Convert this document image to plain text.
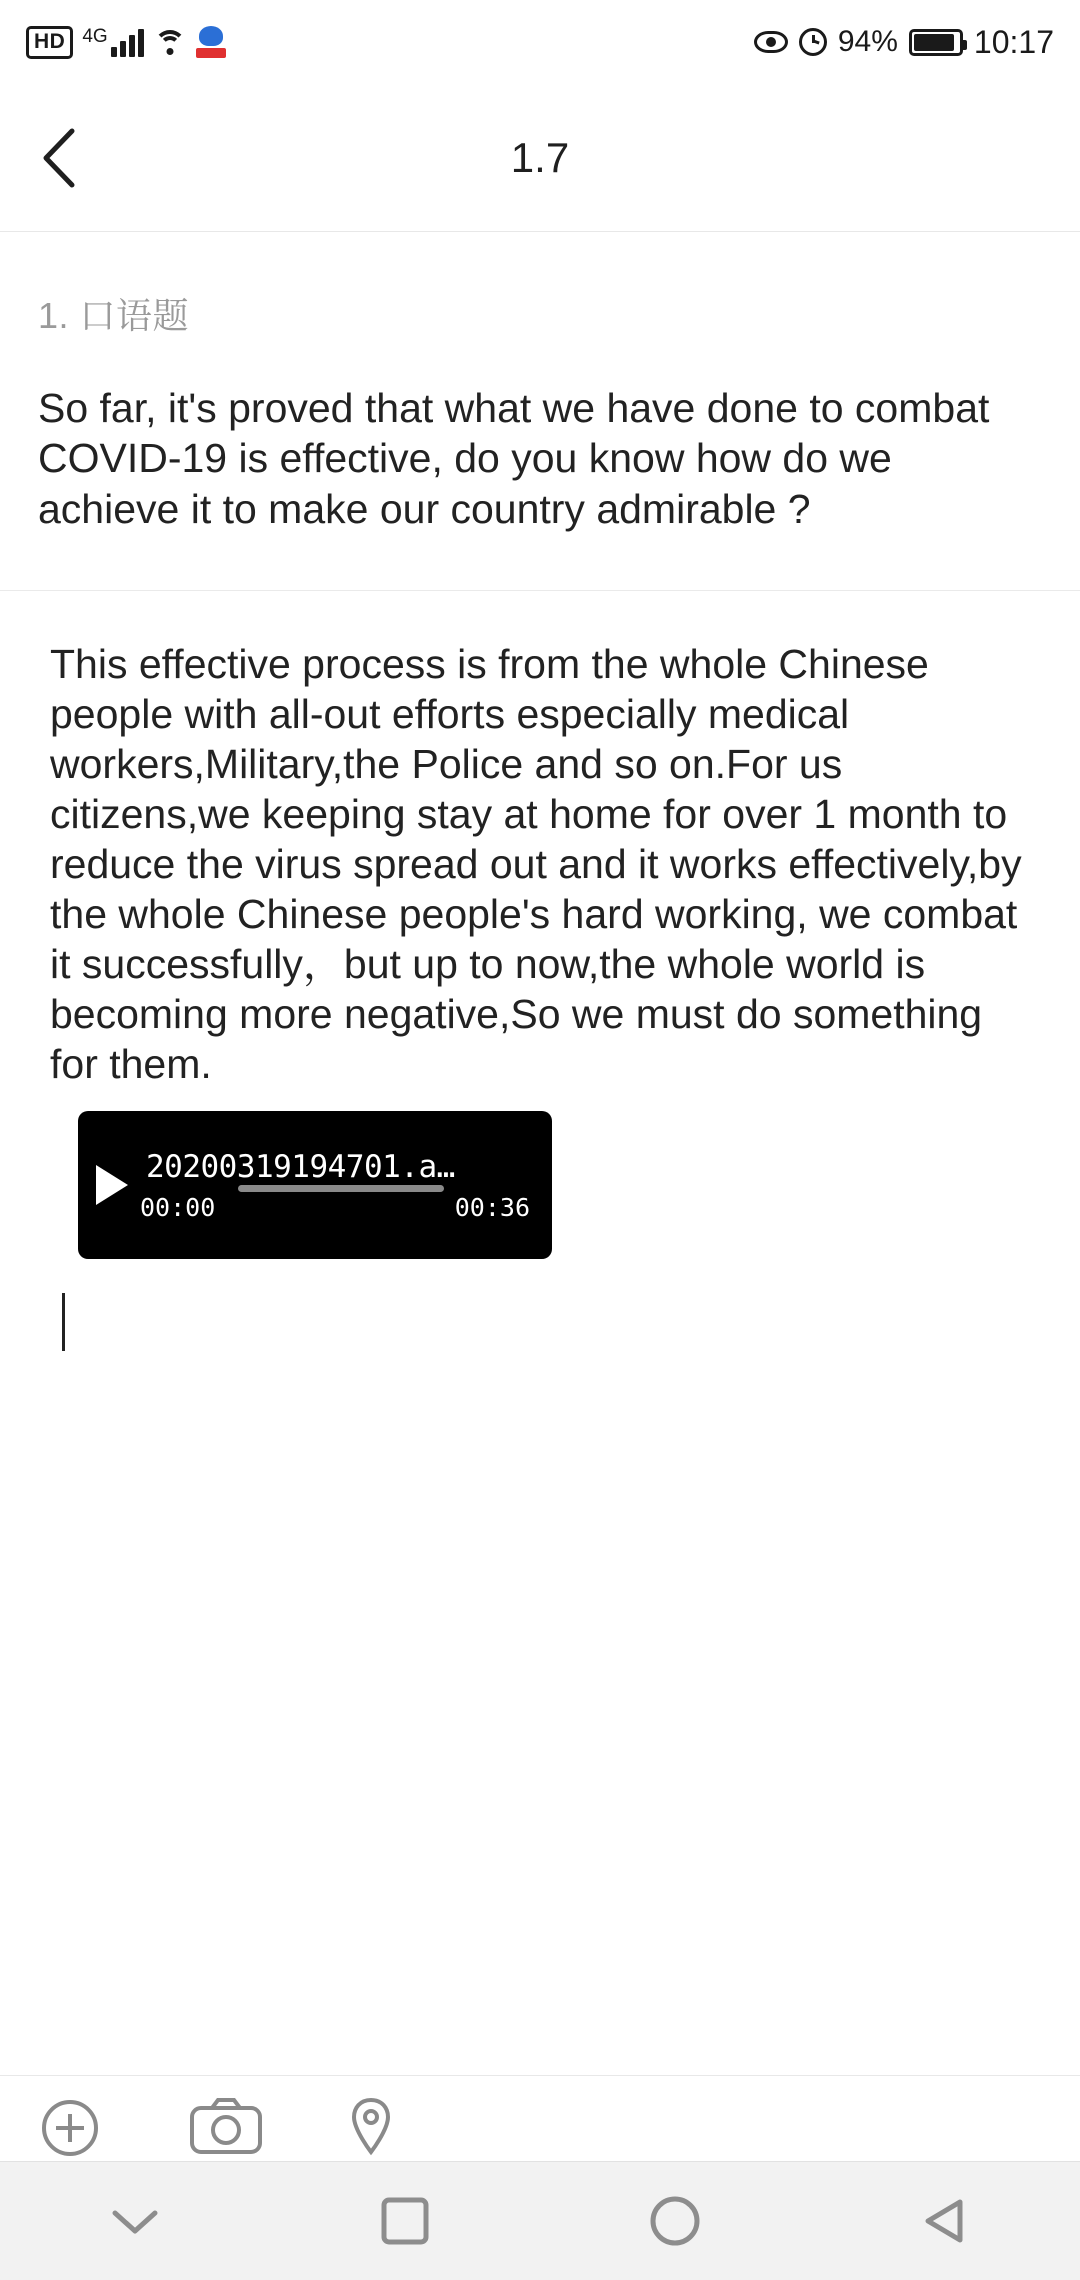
HD 4G	94% 10:17
1.7
1. 口语题
So far, it's proved that what we have done to combat COVID-19 is effective, do you know how do we achieve it to make our country admirable ?
This effective process is from the whole Chinese people with all-out efforts especially medical workers,Military,the Police and so on.For us citizens,we keeping stay at home for over 1 month to reduce the virus spread out and it works effectively,by the whole Chinese people's hard working, we combat it successfully，but up to now,the whole world is becoming more negative,So we must do something for them.
20200319194701.a…
00:00	00:36
